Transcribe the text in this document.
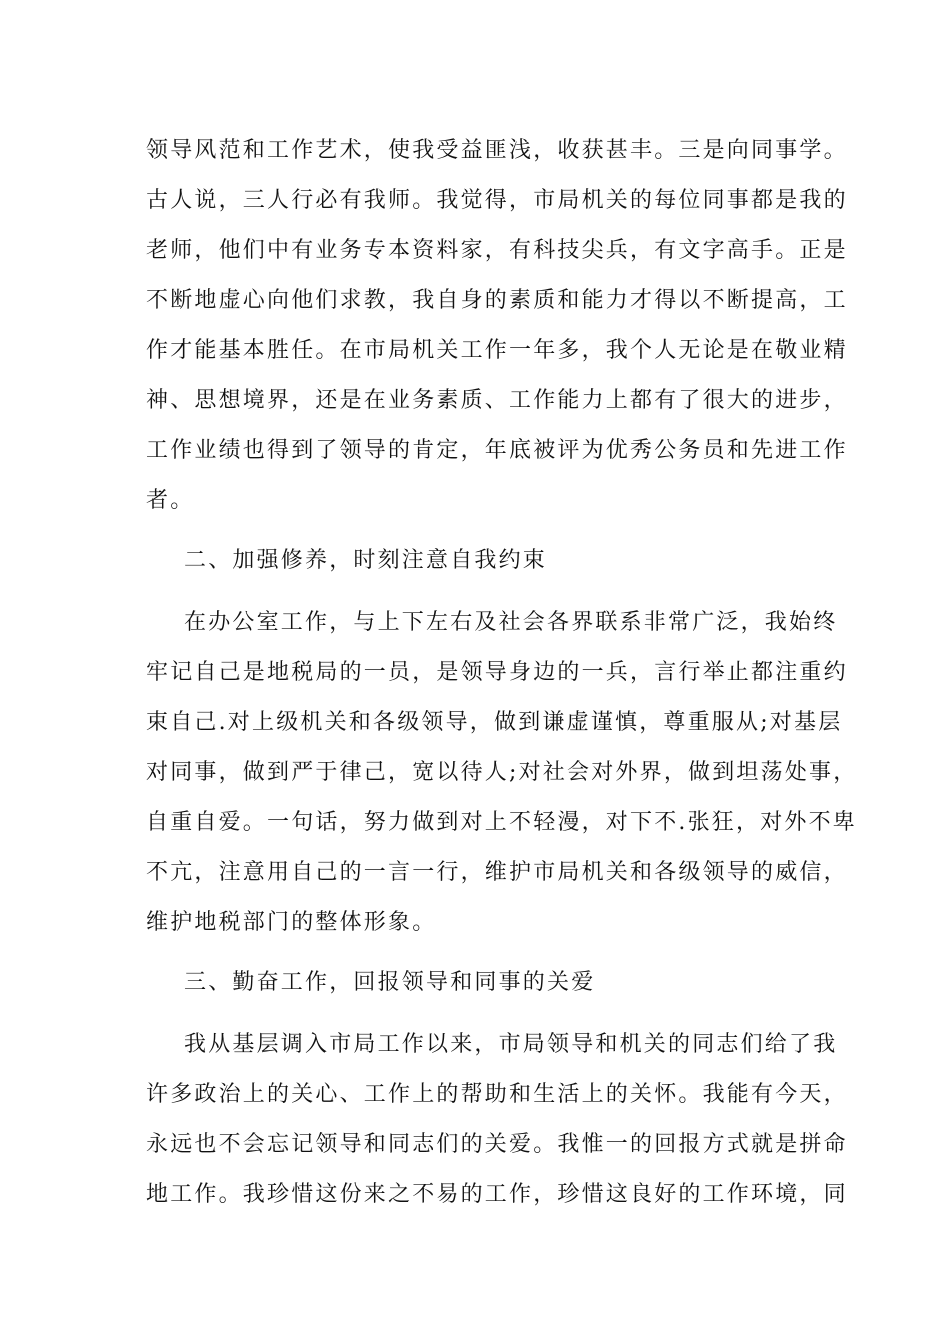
领导风范和工作艺术，使我受益匪浅，收获甚丰。三是向同事学。
古人说，三人行必有我师。我觉得，市局机关的每位同事都是我的
老师，他们中有业务专本资料家，有科技尖兵，有文字高手。正是
不断地虚心向他们求教，我自身的素质和能力才得以不断提高，工
作才能基本胜任。在市局机关工作一年多，我个人无论是在敬业精
神、思想境界，还是在业务素质、工作能力上都有了很大的进步，
工作业绩也得到了领导的肯定，年底被评为优秀公务员和先进工作
者。
二、加强修养，时刻注意自我约束
在办公室工作，与上下左右及社会各界联系非常广泛，我始终
牢记自己是地税局的一员，是领导身边的一兵，言行举止都注重约
束自己.对上级机关和各级领导，做到谦虚谨慎，尊重服从;对基层
对同事，做到严于律己，宽以待人;对社会对外界，做到坦荡处事，
自重自爱。一句话，努力做到对上不轻漫，对下不.张狂，对外不卑
不亢，注意用自己的一言一行，维护市局机关和各级领导的威信，
维护地税部门的整体形象。
三、勤奋工作，回报领导和同事的关爱
我从基层调入市局工作以来，市局领导和机关的同志们给了我
许多政治上的关心、工作上的帮助和生活上的关怀。我能有今天，
永远也不会忘记领导和同志们的关爱。我惟一的回报方式就是拼命
地工作。我珍惜这份来之不易的工作，珍惜这良好的工作环境，同
